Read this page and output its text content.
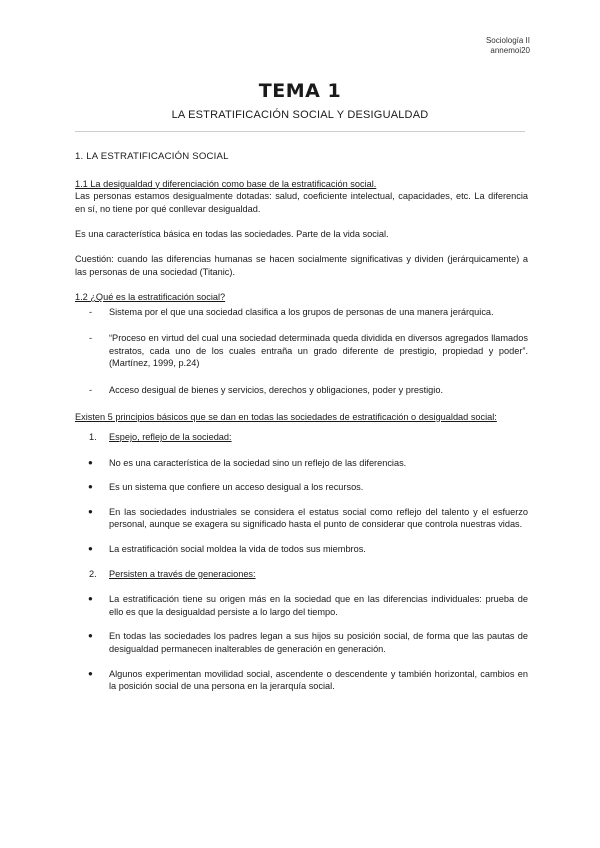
Sociología II
annemoi20
TEMA 1
LA ESTRATIFICACIÓN SOCIAL Y DESIGUALDAD

1. LA ESTRATIFICACIÓN SOCIAL

1.1 La desigualdad y diferenciación como base de la estratificación social.

Las personas estamos desigualmente dotadas: salud, coeficiente intelectual, capacidades, etc. La diferencia en sí, no tiene por qué conllevar desigualdad.

Es una característica básica en todas las sociedades. Parte de la vida social.

Cuestión: cuando las diferencias humanas se hacen socialmente significativas y dividen (jerárquicamente) a las personas de una sociedad (Titanic).

1.2 ¿Qué es la estratificación social?

- Sistema por el que una sociedad clasifica a los grupos de personas de una manera jerárquica.
- “Proceso en virtud del cual una sociedad determinada queda dividida en diversos agregados llamados estratos, cada uno de los cuales entraña un grado diferente de prestigio, propiedad y poder”. (Martínez, 1999, p.24)
- Acceso desigual de bienes y servicios, derechos y obligaciones, poder y prestigio.

Existen 5 principios básicos que se dan en todas las sociedades de estratificación o desigualdad social:

1. Espejo, reflejo de la sociedad:

● No es una característica de la sociedad sino un reflejo de las diferencias.
● Es un sistema que confiere un acceso desigual a los recursos.
● En las sociedades industriales se considera el estatus social como reflejo del talento y el esfuerzo personal, aunque se exagera su significado hasta el punto de considerar que controla nuestras vidas.
● La estratificación social moldea la vida de todos sus miembros.

2. Persisten a través de generaciones:

● La estratificación tiene su origen más en la sociedad que en las diferencias individuales: prueba de ello es que la desigualdad persiste a lo largo del tiempo.
● En todas las sociedades los padres legan a sus hijos su posición social, de forma que las pautas de desigualdad permanecen inalterables de generación en generación.
● Algunos experimentan movilidad social, ascendente o descendente y también horizontal, cambios en la posición social de una persona en la jerarquía social.
